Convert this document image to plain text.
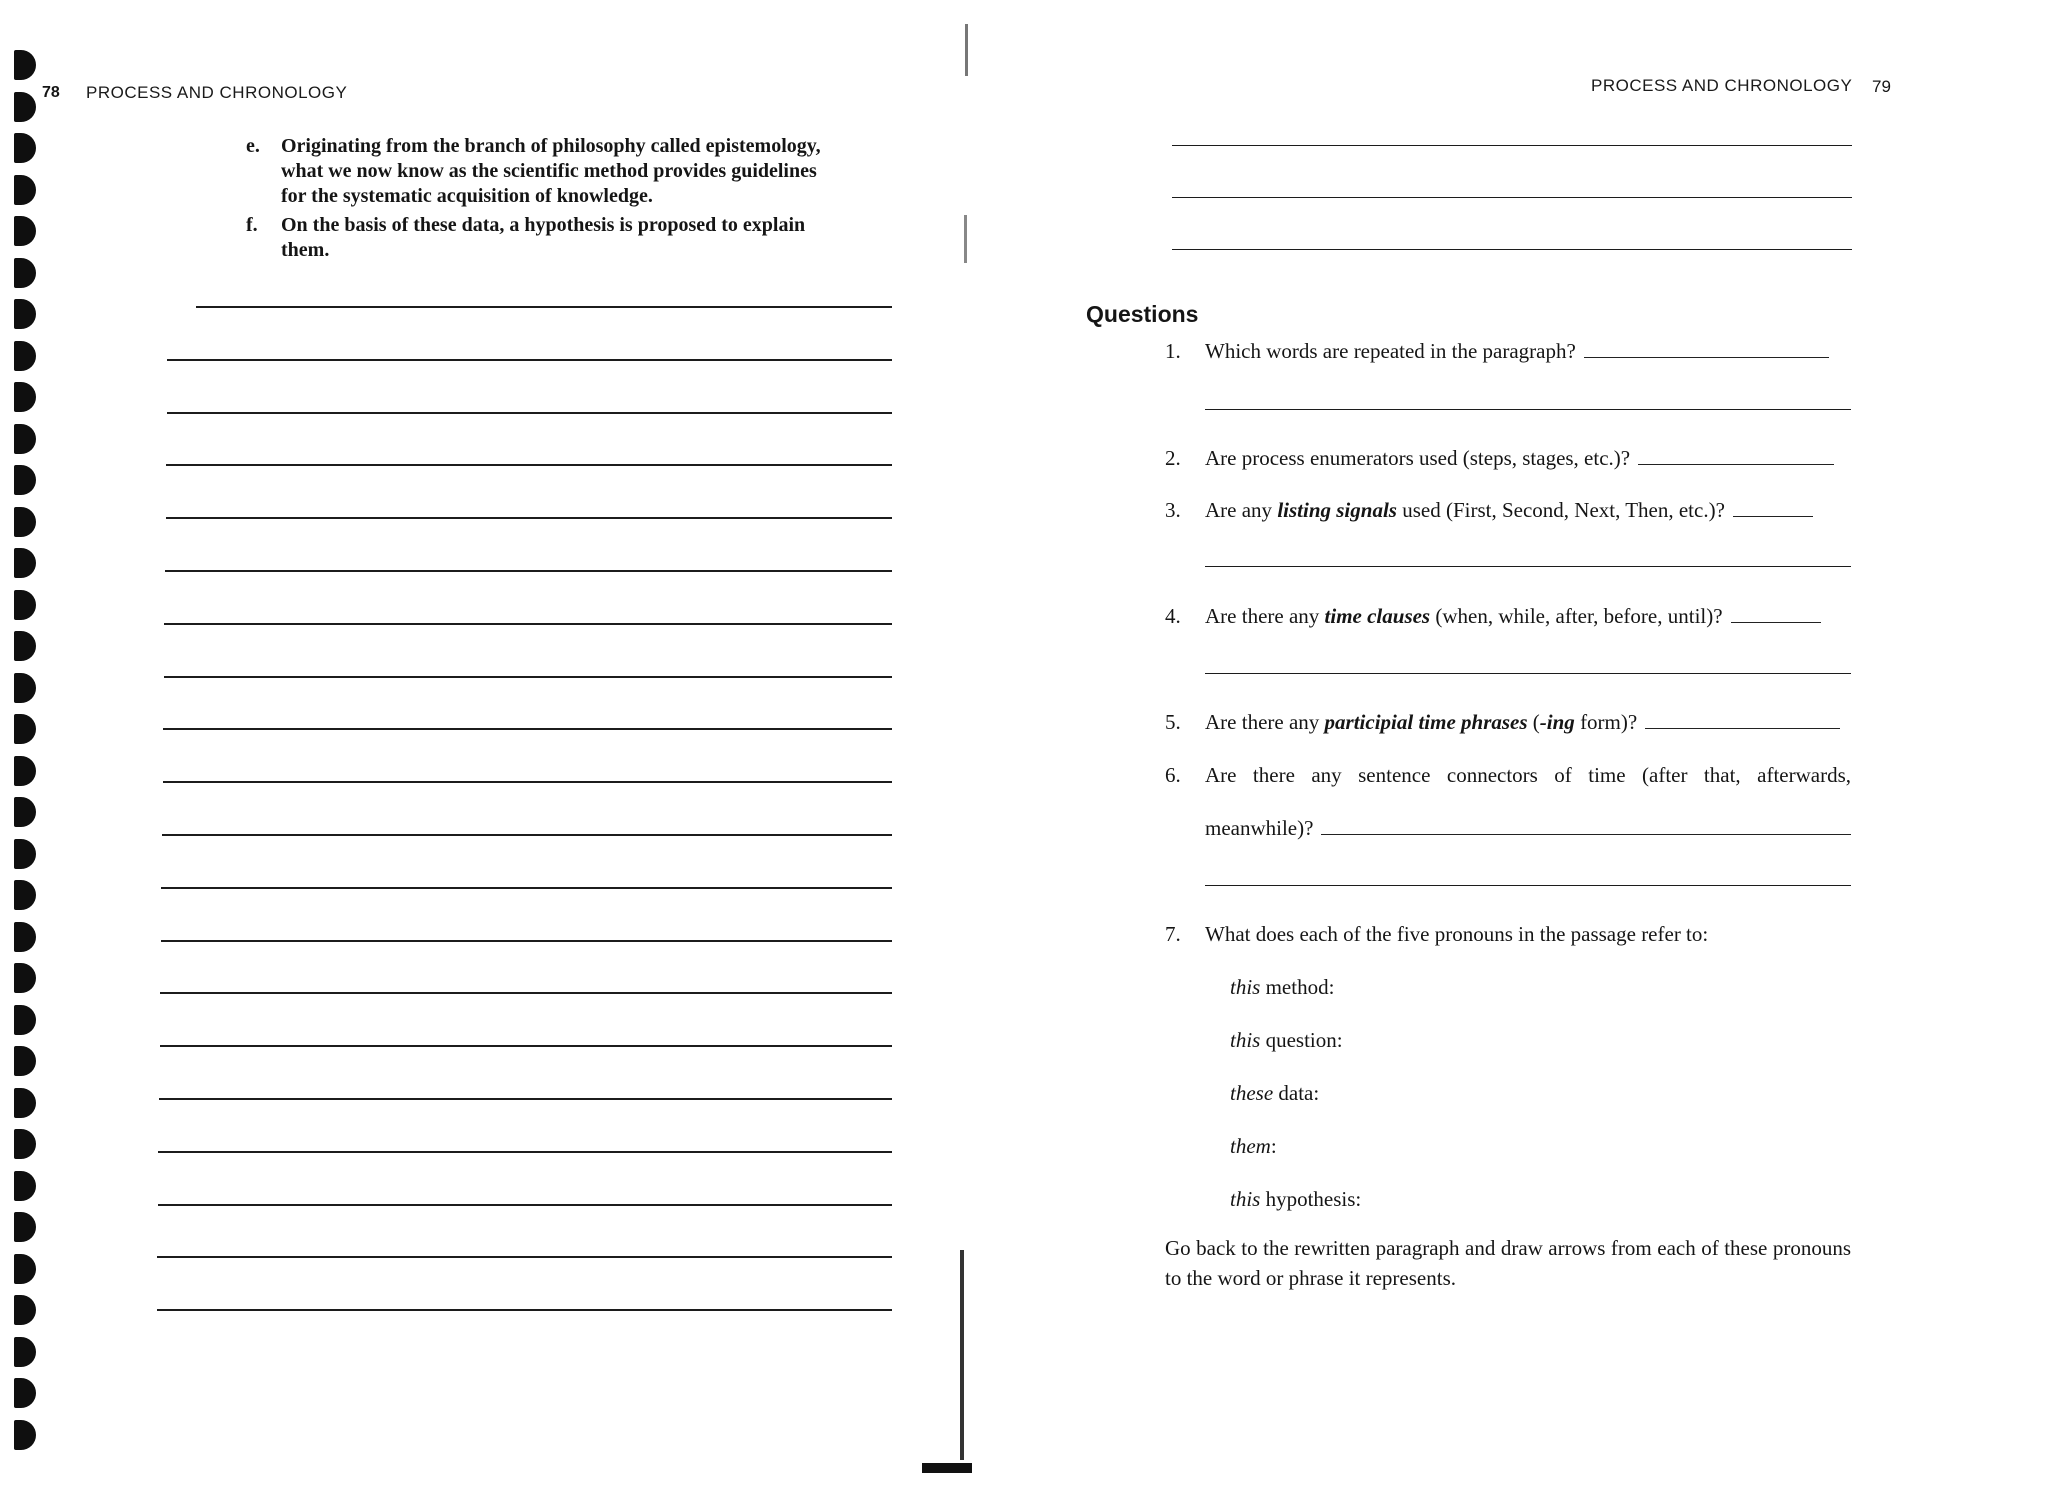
78 PROCESS AND CHRONOLOGY
e. Originating from the branch of philosophy called epistemology, what we now know as the scientific method provides guidelines for the systematic acquisition of knowledge.
f. On the basis of these data, a hypothesis is proposed to explain them.
PROCESS AND CHRONOLOGY 79
Questions
1. Which words are repeated in the paragraph?
2. Are process enumerators used (steps, stages, etc.)?
3. Are any listing signals used (First, Second, Next, Then, etc.)?
4. Are there any time clauses (when, while, after, before, until)?
5. Are there any participial time phrases (-ing form)?
6. Are there any sentence connectors of time (after that, afterwards,
meanwhile)?
7. What does each of the five pronouns in the passage refer to:
this method:
this question:
these data:
them:
this hypothesis:
Go back to the rewritten paragraph and draw arrows from each of these pronouns to the word or phrase it represents.
